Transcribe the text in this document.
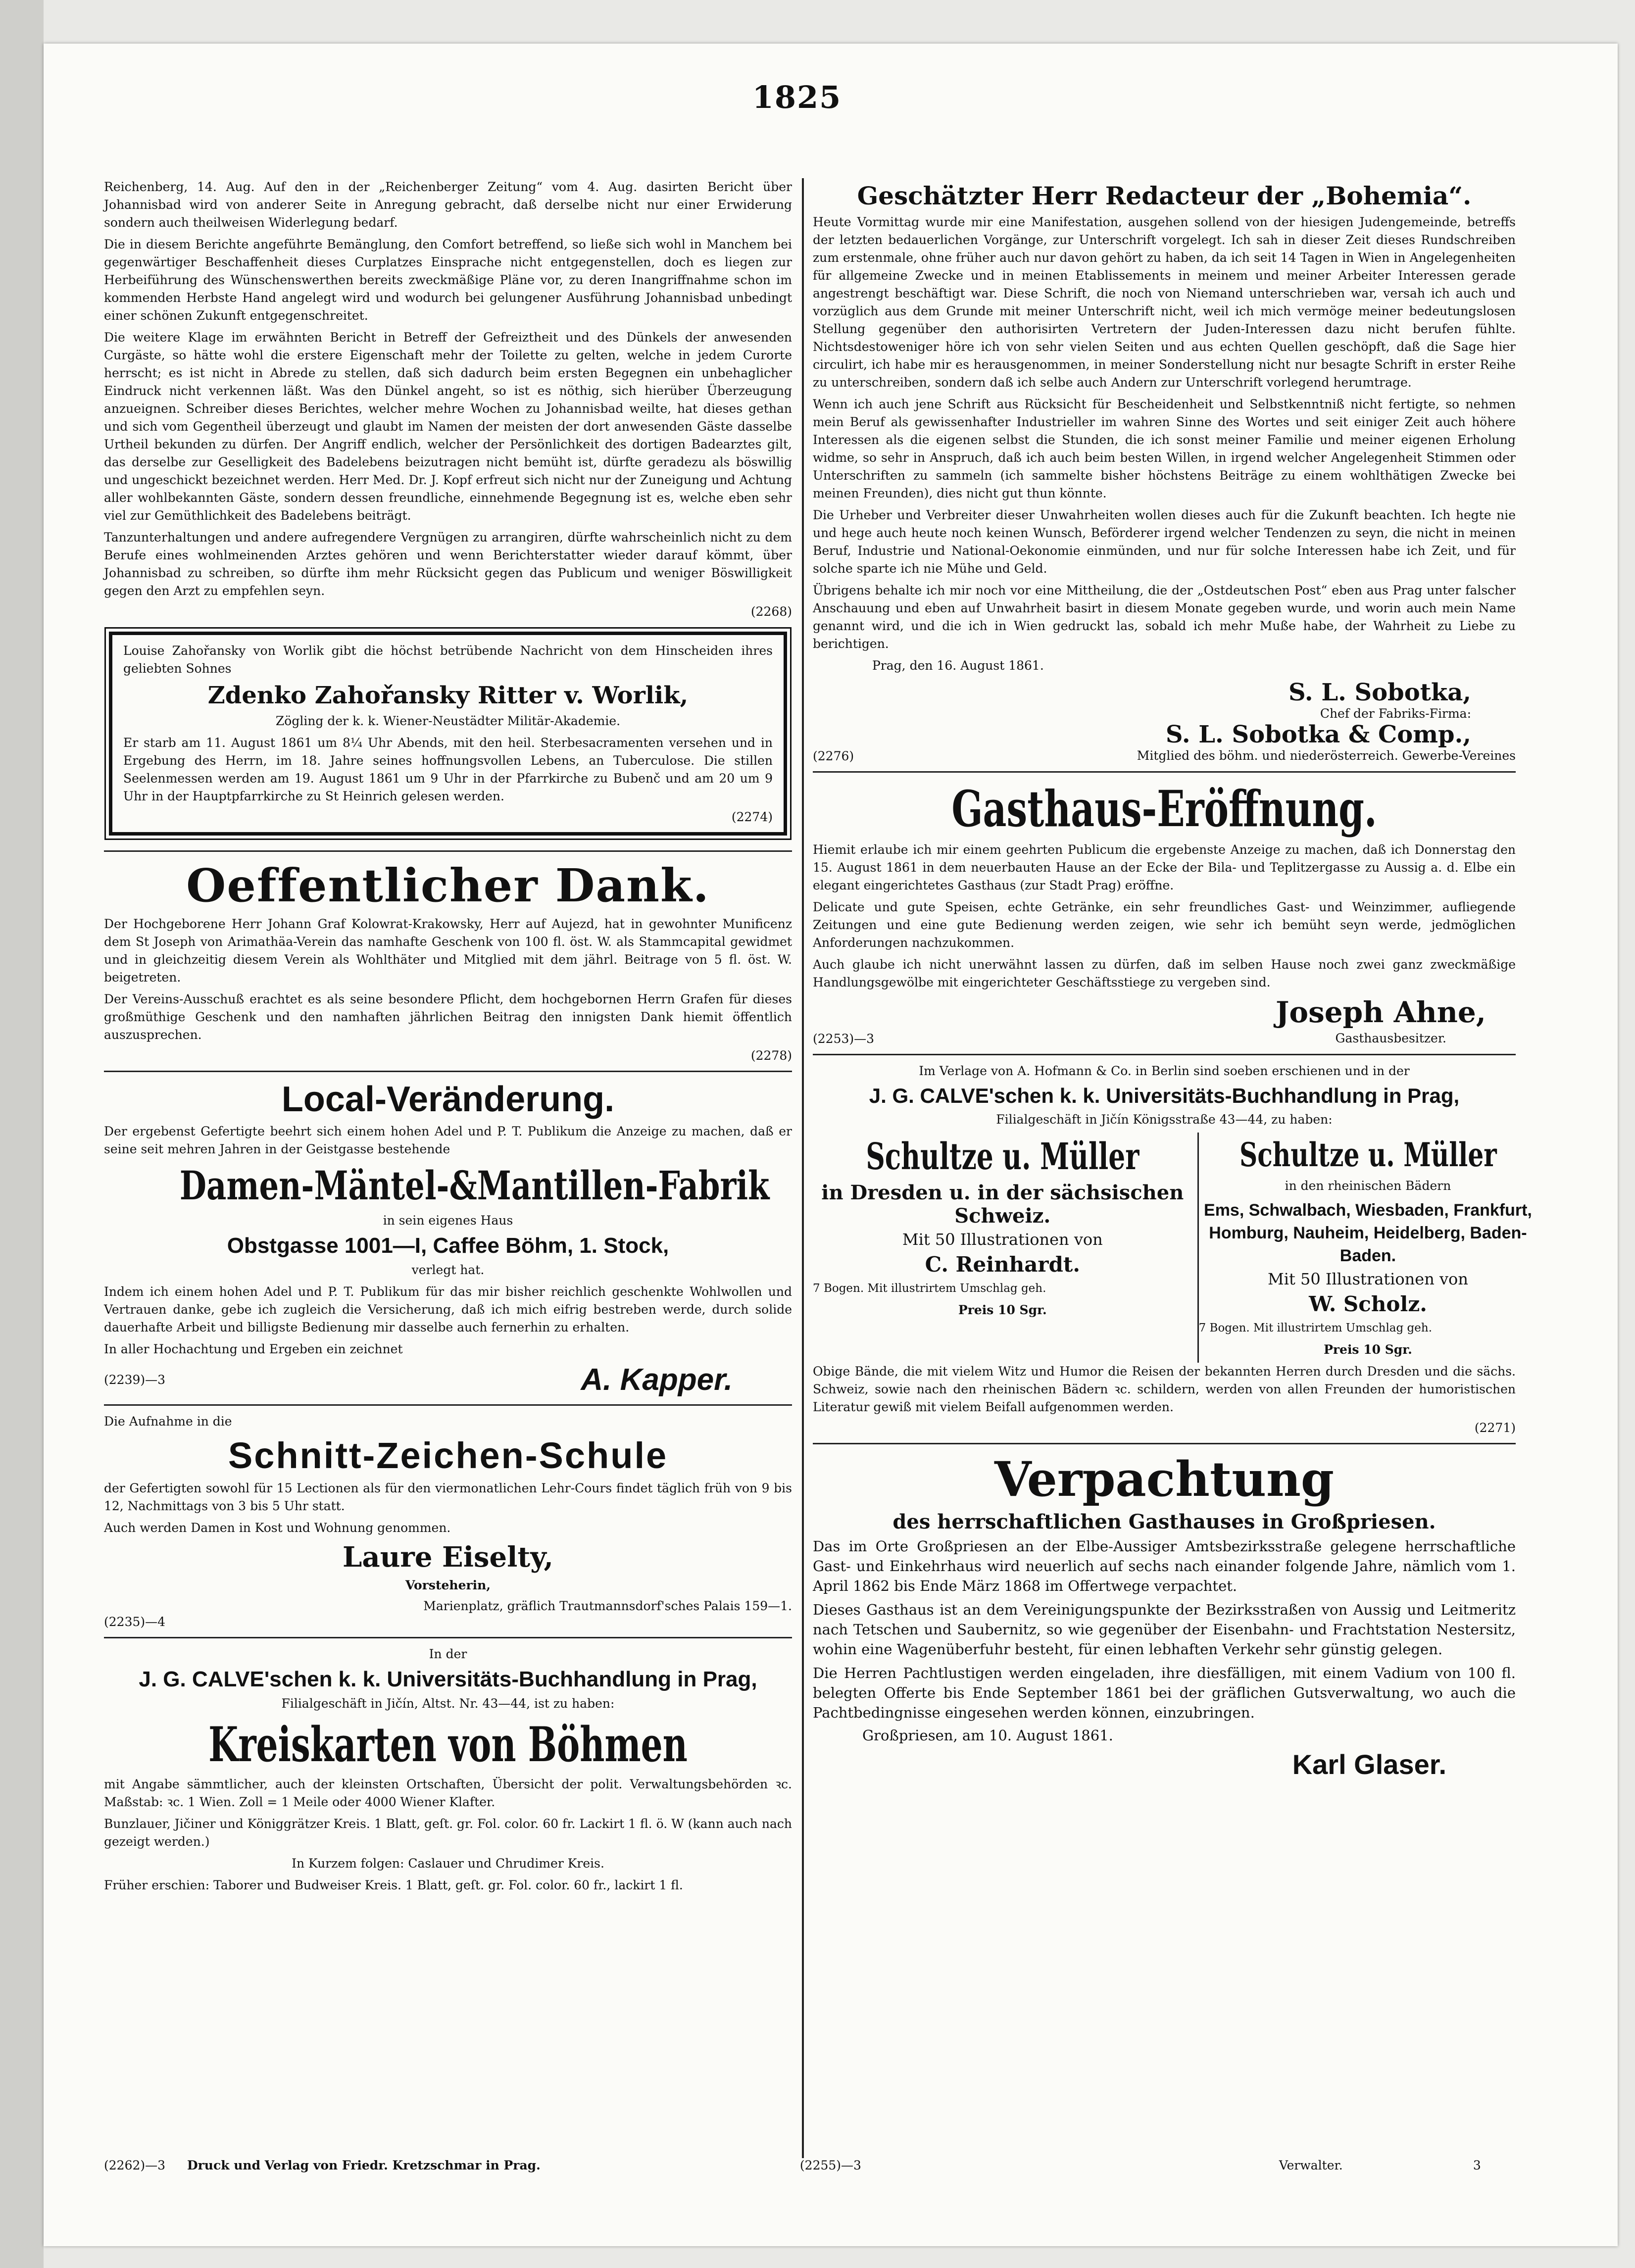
1825

Reichenberg, 14. Aug. Auf den in der „Reichenberger Zeitung“ vom 4. Aug. dasirten Bericht über Johannisbad wird von anderer Seite in Anregung gebracht, daß derselbe nicht nur einer Erwiderung sondern auch theilweisen Widerlegung bedarf.

Die in diesem Berichte angeführte Bemänglung, den Comfort betreffend, so ließe sich wohl in Manchem bei gegenwärtiger Beschaffenheit dieses Curplatzes Einsprache nicht entgegenstellen, doch es liegen zur Herbeiführung des Wünschenswerthen bereits zweckmäßige Pläne vor, zu deren Inangriffnahme schon im kommenden Herbste Hand angelegt wird und wodurch bei gelungener Ausführung Johannisbad unbedingt einer schönen Zukunft entgegenschreitet.

Die weitere Klage im erwähnten Bericht in Betreff der Gefreiztheit und des Dünkels der anwesenden Curgäste, so hätte wohl die erstere Eigenschaft mehr der Toilette zu gelten, welche in jedem Curorte herrscht; es ist nicht in Abrede zu stellen, daß sich dadurch beim ersten Begegnen ein unbehaglicher Eindruck nicht verkennen läßt. Was den Dünkel angeht, so ist es nöthig, sich hierüber Überzeugung anzueignen. Schreiber dieses Berichtes, welcher mehre Wochen zu Johannisbad weilte, hat dieses gethan und sich vom Gegentheil überzeugt und glaubt im Namen der meisten der dort anwesenden Gäste dasselbe Urtheil bekunden zu dürfen. Der Angriff endlich, welcher der Persönlichkeit des dortigen Badearztes gilt, das derselbe zur Geselligkeit des Badelebens beizutragen nicht bemüht ist, dürfte geradezu als böswillig und ungeschickt bezeichnet werden. Herr Med. Dr. J. Kopf erfreut sich nicht nur der Zuneigung und Achtung aller wohlbekannten Gäste, sondern dessen freundliche, einnehmende Begegnung ist es, welche eben sehr viel zur Gemüthlichkeit des Badelebens beiträgt.

Tanzunterhaltungen und andere aufregendere Vergnügen zu arrangiren, dürfte wahrscheinlich nicht zu dem Berufe eines wohlmeinenden Arztes gehören und wenn Berichterstatter wieder darauf kömmt, über Johannisbad zu schreiben, so dürfte ihm mehr Rücksicht gegen das Publicum und weniger Böswilligkeit gegen den Arzt zu empfehlen seyn.

(2268)

Louise Zahořansky von Worlik gibt die höchst betrübende Nachricht von dem Hinscheiden ihres geliebten Sohnes

Zdenko Zahořansky Ritter v. Worlik,

Zögling der k. k. Wiener-Neustädter Militär-Akademie.

Er starb am 11. August 1861 um 8¼ Uhr Abends, mit den heil. Sterbesacramenten versehen und in Ergebung des Herrn, im 18. Jahre seines hoffnungsvollen Lebens, an Tuberculose. Die stillen Seelenmessen werden am 19. August 1861 um 9 Uhr in der Pfarrkirche zu Bubenč und am 20 um 9 Uhr in der Hauptpfarrkirche zu St Heinrich gelesen werden.

(2274)

Oeffentlicher Dank.

Der Hochgeborene Herr Johann Graf Kolowrat-Krakowsky, Herr auf Aujezd, hat in gewohnter Munificenz dem St Joseph von Arimathäa-Verein das namhafte Geschenk von 100 fl. öst. W. als Stammcapital gewidmet und in gleichzeitig diesem Verein als Wohlthäter und Mitglied mit dem jährl. Beitrage von 5 fl. öst. W. beigetreten.

Der Vereins-Ausschuß erachtet es als seine besondere Pflicht, dem hochgebornen Herrn Grafen für dieses großmüthige Geschenk und den namhaften jährlichen Beitrag den innigsten Dank hiemit öffentlich auszusprechen.

(2278)

Local-Veränderung.

Der ergebenst Gefertigte beehrt sich einem hohen Adel und P. T. Publikum die Anzeige zu machen, daß er seine seit mehren Jahren in der Geistgasse bestehende

Damen-Mäntel-&Mantillen-Fabrik

in sein eigenes Haus

Obstgasse 1001—I, Caffee Böhm, 1. Stock,

verlegt hat.

Indem ich einem hohen Adel und P. T. Publikum für das mir bisher reichlich geschenkte Wohlwollen und Vertrauen danke, gebe ich zugleich die Versicherung, daß ich mich eifrig bestreben werde, durch solide dauerhafte Arbeit und billigste Bedienung mir dasselbe auch fernerhin zu erhalten.

In aller Hochachtung und Ergeben ein zeichnet

(2239)—3	A. Kapper.

Die Aufnahme in die

Schnitt-Zeichen-Schule

der Gefertigten sowohl für 15 Lectionen als für den viermonatlichen Lehr-Cours findet täglich früh von 9 bis 12, Nachmittags von 3 bis 5 Uhr statt.

Auch werden Damen in Kost und Wohnung genommen.

Laure Eiselty,

Vorsteherin,

Marienplatz, gräflich Trautmannsdorf'sches Palais 159—1.

(2235)—4

In der

J. G. CALVE'schen k. k. Universitäts-Buchhandlung in Prag,

Filialgeschäft in Jičín, Altst. Nr. 43—44, ist zu haben:

Kreiskarten von Böhmen

mit Angabe sämmtlicher, auch der kleinsten Ortschaften, Übersicht der polit. Verwaltungsbehörden ꝛc. Maßstab: ꝛc. 1 Wien. Zoll = 1 Meile oder 4000 Wiener Klafter.

Bunzlauer, Jičiner und Königgrätzer Kreis. 1 Blatt, geſt. gr. Fol. color. 60 fr. Lackirt 1 fl. ö. W (kann auch nach gezeigt werden.)

In Kurzem folgen: Caslauer und Chrudimer Kreis.

Früher erschien: Taborer und Budweiser Kreis. 1 Blatt, geſt. gr. Fol. color. 60 fr., lackirt 1 fl.

Geschätzter Herr Redacteur der „Bohemia“.

Heute Vormittag wurde mir eine Manifestation, ausgehen sollend von der hiesigen Judengemeinde, betreffs der letzten bedauerlichen Vorgänge, zur Unterschrift vorgelegt. Ich sah in dieser Zeit dieses Rundschreiben zum erstenmale, ohne früher auch nur davon gehört zu haben, da ich seit 14 Tagen in Wien in Angelegenheiten für allgemeine Zwecke und in meinen Etablissements in meinem und meiner Arbeiter Interessen gerade angestrengt beschäftigt war. Diese Schrift, die noch von Niemand unterschrieben war, versah ich auch und vorzüglich aus dem Grunde mit meiner Unterschrift nicht, weil ich mich vermöge meiner bedeutungslosen Stellung gegenüber den authorisirten Vertretern der Juden-Interessen dazu nicht berufen fühlte. Nichtsdestoweniger höre ich von sehr vielen Seiten und aus echten Quellen geschöpft, daß die Sage hier circulirt, ich habe mir es herausgenommen, in meiner Sonderstellung nicht nur besagte Schrift in erster Reihe zu unterschreiben, sondern daß ich selbe auch Andern zur Unterschrift vorlegend herumtrage.

Wenn ich auch jene Schrift aus Rücksicht für Bescheidenheit und Selbstkenntniß nicht fertigte, so nehmen mein Beruf als gewissenhafter Industrieller im wahren Sinne des Wortes und seit einiger Zeit auch höhere Interessen als die eigenen selbst die Stunden, die ich sonst meiner Familie und meiner eigenen Erholung widme, so sehr in Anspruch, daß ich auch beim besten Willen, in irgend welcher Angelegenheit Stimmen oder Unterschriften zu sammeln (ich sammelte bisher höchstens Beiträge zu einem wohlthätigen Zwecke bei meinen Freunden), dies nicht gut thun könnte.

Die Urheber und Verbreiter dieser Unwahrheiten wollen dieses auch für die Zukunft beachten. Ich hegte nie und hege auch heute noch keinen Wunsch, Beförderer irgend welcher Tendenzen zu seyn, die nicht in meinen Beruf, Industrie und National-Oekonomie einmünden, und nur für solche Interessen habe ich Zeit, und für solche sparte ich nie Mühe und Geld.

Übrigens behalte ich mir noch vor eine Mittheilung, die der „Ostdeutschen Post“ eben aus Prag unter falscher Anschauung und eben auf Unwahrheit basirt in diesem Monate gegeben wurde, und worin auch mein Name genannt wird, und die ich in Wien gedruckt las, sobald ich mehr Muße habe, der Wahrheit zu Liebe zu berichtigen.

Prag, den 16. August 1861.

S. L. Sobotka,
Chef der Fabriks-Firma:
S. L. Sobotka & Comp.,
(2276)	Mitglied des böhm. und niederösterreich. Gewerbe-Vereines
Gasthaus-Eröffnung.

Hiemit erlaube ich mir einem geehrten Publicum die ergebenste Anzeige zu machen, daß ich Donnerstag den 15. August 1861 in dem neuerbauten Hause an der Ecke der Bila- und Teplitzergasse zu Aussig a. d. Elbe ein elegant eingerichtetes Gasthaus (zur Stadt Prag) eröffne.

Delicate und gute Speisen, echte Getränke, ein sehr freundliches Gast- und Weinzimmer, aufliegende Zeitungen und eine gute Bedienung werden zeigen, wie sehr ich bemüht seyn werde, jedmöglichen Anforderungen nachzukommen.

Auch glaube ich nicht unerwähnt lassen zu dürfen, daß im selben Hause noch zwei ganz zweckmäßige Handlungsgewölbe mit eingerichteter Geschäftsstiege zu vergeben sind.

Joseph Ahne,
(2253)—3	Gasthausbesitzer.

Im Verlage von A. Hofmann & Co. in Berlin sind soeben erschienen und in der

J. G. CALVE'schen k. k. Universitäts-Buchhandlung in Prag,

Filialgeschäft in Jičín Königsstraße 43—44, zu haben:

Schultze u. Müller
in Dresden u. in der sächsischen Schweiz.

Mit 50 Illustrationen von

C. Reinhardt.

7 Bogen. Mit illustrirtem Umschlag geh.

Preis 10 Sgr.

Schultze u. Müller

in den rheinischen Bädern

Ems, Schwalbach, Wiesbaden, Frankfurt, Homburg, Nauheim, Heidelberg, Baden-Baden.

Mit 50 Illustrationen von

W. Scholz.

7 Bogen. Mit illustrirtem Umschlag geh.

Preis 10 Sgr.

Obige Bände, die mit vielem Witz und Humor die Reisen der bekannten Herren durch Dresden und die sächs. Schweiz, sowie nach den rheinischen Bädern ꝛc. schildern, werden von allen Freunden der humoristischen Literatur gewiß mit vielem Beifall aufgenommen werden.

(2271)

Verpachtung
des herrschaftlichen Gasthauses in Großpriesen.

Das im Orte Großpriesen an der Elbe-Aussiger Amtsbezirksstraße gelegene herrschaftliche Gast- und Einkehrhaus wird neuerlich auf sechs nach einander folgende Jahre, nämlich vom 1. April 1862 bis Ende März 1868 im Offertwege verpachtet.

Dieses Gasthaus ist an dem Vereinigungspunkte der Bezirksstraßen von Aussig und Leitmeritz nach Tetschen und Saubernitz, so wie gegenüber der Eisenbahn- und Frachtstation Nestersitz, wohin eine Wagenüberfuhr besteht, für einen lebhaften Verkehr sehr günstig gelegen.

Die Herren Pachtlustigen werden eingeladen, ihre diesfälligen, mit einem Vadium von 100 fl. belegten Offerte bis Ende September 1861 bei der gräflichen Gutsverwaltung, wo auch die Pachtbedingnisse eingesehen werden können, einzubringen.

Großpriesen, am 10. August 1861.

Karl Glaser.
(2262)—3 Druck und Verlag von Friedr. Kretzschmar in Prag.	(2255)—3	Verwalter.	3
